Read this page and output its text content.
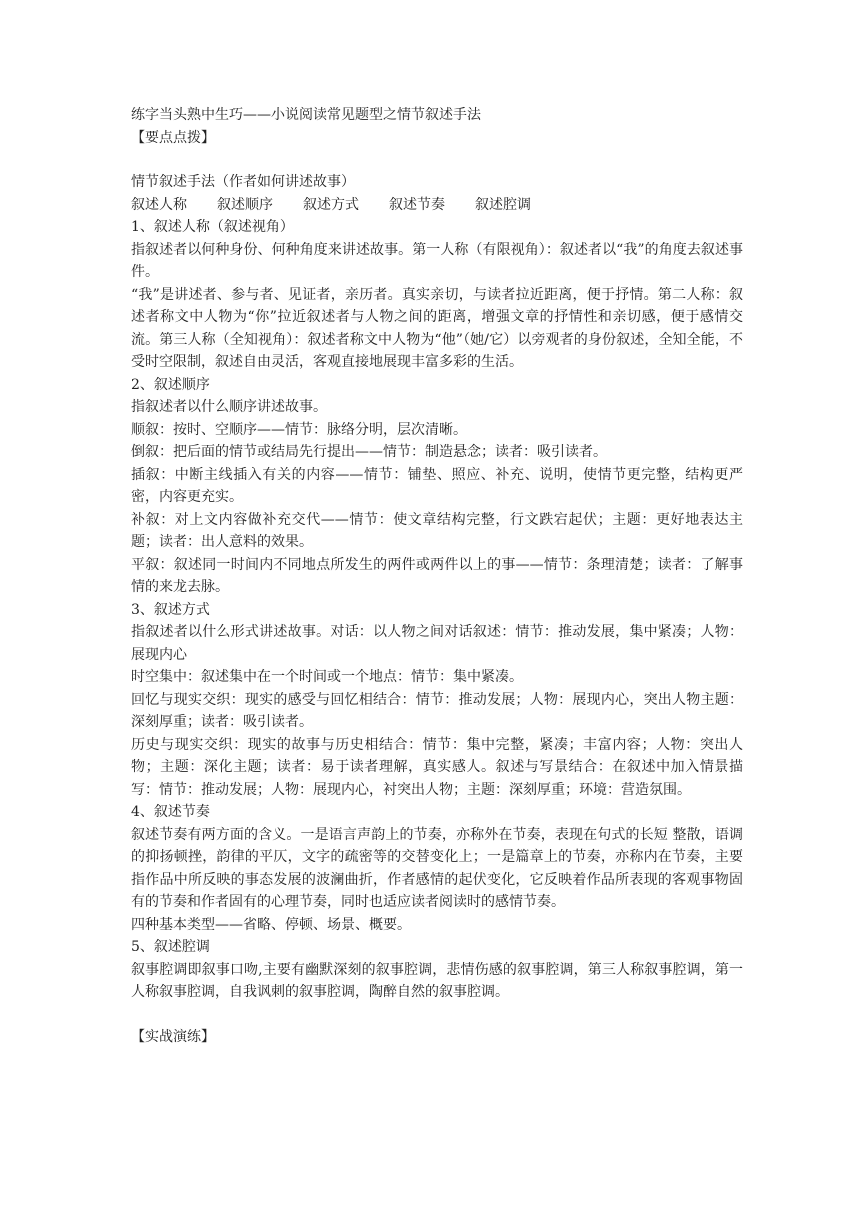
练字当头熟中生巧——小说阅读常见题型之情节叙述手法
【要点点拨】
情节叙述手法（作者如何讲述故事）
叙述人称 叙述顺序 叙述方式 叙述节奏 叙述腔调
1、叙述人称（叙述视角）
指叙述者以何种身份、何种角度来讲述故事。第一人称（有限视角）：叙述者以“我”的角度去叙述事件。
“我”是讲述者、参与者、见证者，亲历者。真实亲切，与读者拉近距离，便于抒情。第二人称：叙述者称文中人物为“你”拉近叙述者与人物之间的距离，增强文章的抒情性和亲切感，便于感情交流。第三人称（全知视角）：叙述者称文中人物为“他”（她/它）以旁观者的身份叙述，全知全能，不受时空限制，叙述自由灵活，客观直接地展现丰富多彩的生活。
2、叙述顺序
指叙述者以什么顺序讲述故事。
顺叙：按时、空顺序——情节：脉络分明，层次清晰。
倒叙：把后面的情节或结局先行提出——情节：制造悬念；读者：吸引读者。
插叙：中断主线插入有关的内容——情节：铺垫、照应、补充、说明，使情节更完整，结构更严密，内容更充实。
补叙：对上文内容做补充交代——情节：使文章结构完整，行文跌宕起伏；主题：更好地表达主题；读者：出人意料的效果。
平叙：叙述同一时间内不同地点所发生的两件或两件以上的事——情节：条理清楚；读者：了解事情的来龙去脉。
3、叙述方式
指叙述者以什么形式讲述故事。对话：以人物之间对话叙述：情节：推动发展，集中紧凑；人物：展现内心
时空集中：叙述集中在一个时间或一个地点：情节：集中紧凑。
回忆与现实交织：现实的感受与回忆相结合：情节：推动发展；人物：展现内心，突出人物主题：深刻厚重；读者：吸引读者。
历史与现实交织：现实的故事与历史相结合：情节：集中完整，紧凑；丰富内容；人物：突出人物；主题：深化主题；读者：易于读者理解，真实感人。叙述与写景结合：在叙述中加入情景描写：情节：推动发展；人物：展现内心，衬突出人物；主题：深刻厚重；环境：营造氛围。
4、叙述节奏
叙述节奏有两方面的含义。一是语言声韵上的节奏，亦称外在节奏，表现在句式的长短 整散，语调的抑扬顿挫，韵律的平仄，文字的疏密等的交替变化上；一是篇章上的节奏，亦称内在节奏，主要指作品中所反映的事态发展的波澜曲折，作者感情的起伏变化，它反映着作品所表现的客观事物固有的节奏和作者固有的心理节奏，同时也适应读者阅读时的感情节奏。
四种基本类型——省略、停顿、场景、概要。
5、叙述腔调
叙事腔调即叙事口吻,主要有幽默深刻的叙事腔调，悲情伤感的叙事腔调，第三人称叙事腔调，第一人称叙事腔调，自我讽刺的叙事腔调，陶醉自然的叙事腔调。
【实战演练】
